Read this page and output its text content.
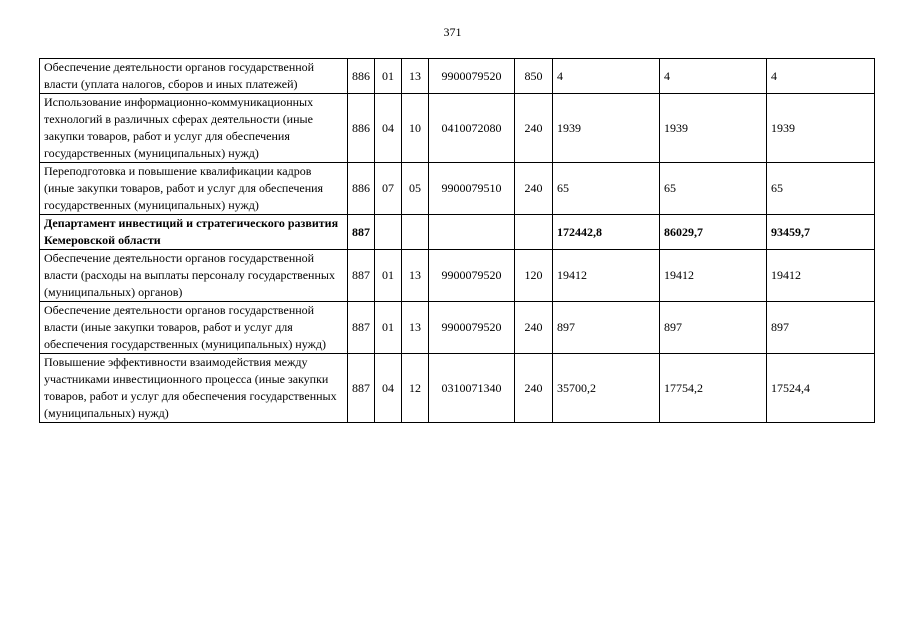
371
Обеспечение деятельности органов государственной власти (уплата налогов, сборов и иных платежей)	886	01	13	9900079520	850	4	4	4
Использование информационно-коммуникационных технологий в различных сферах деятельности (иные закупки товаров, работ и услуг для обеспечения государственных (муниципальных) нужд)	886	04	10	0410072080	240	1939	1939	1939
Переподготовка и повышение квалификации кадров (иные закупки товаров, работ и услуг для обеспечения государственных (муниципальных) нужд)	886	07	05	9900079510	240	65	65	65
Департамент инвестиций и стратегического развития Кемеровской области	887					172442,8	86029,7	93459,7
Обеспечение деятельности органов государственной власти (расходы на выплаты персоналу государственных (муниципальных) органов)	887	01	13	9900079520	120	19412	19412	19412
Обеспечение деятельности органов государственной власти (иные закупки товаров, работ и услуг для обеспечения государственных (муниципальных) нужд)	887	01	13	9900079520	240	897	897	897
Повышение эффективности взаимодействия между участниками инвестиционного процесса (иные закупки товаров, работ и услуг для обеспечения государственных (муниципальных) нужд)	887	04	12	0310071340	240	35700,2	17754,2	17524,4
